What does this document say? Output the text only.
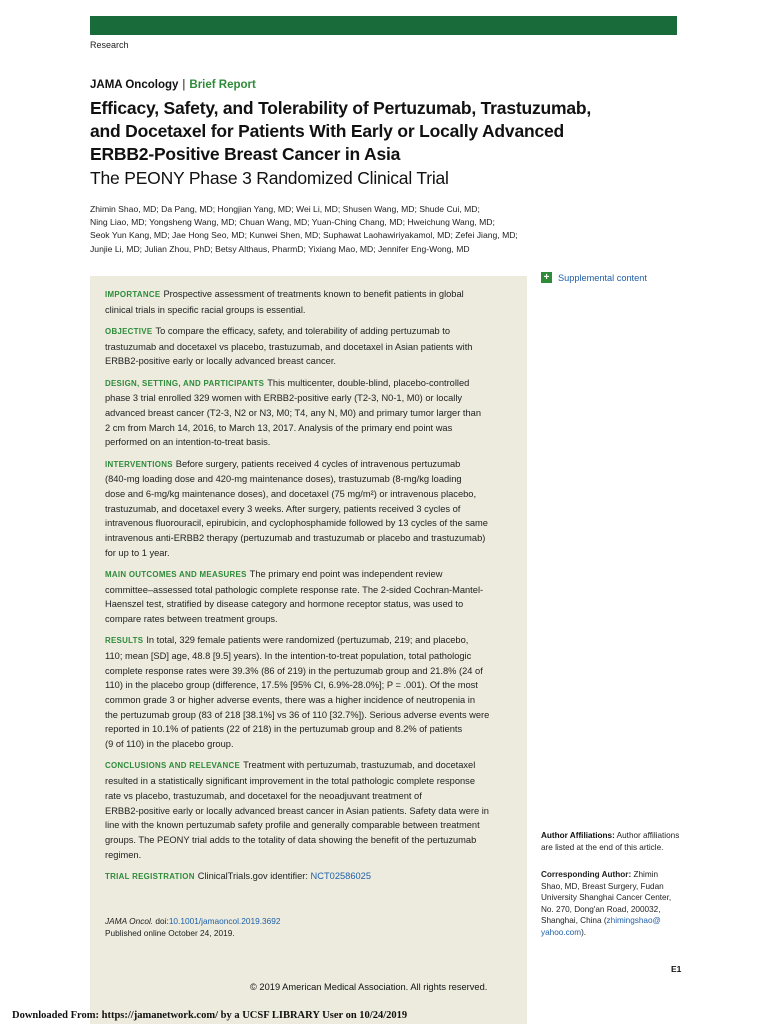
Research
JAMA Oncology | Brief Report
Efficacy, Safety, and Tolerability of Pertuzumab, Trastuzumab,
and Docetaxel for Patients With Early or Locally Advanced
ERBB2-Positive Breast Cancer in Asia
The PEONY Phase 3 Randomized Clinical Trial
Zhimin Shao, MD; Da Pang, MD; Hongjian Yang, MD; Wei Li, MD; Shusen Wang, MD; Shude Cui, MD;
Ning Liao, MD; Yongsheng Wang, MD; Chuan Wang, MD; Yuan-Ching Chang, MD; Hweichung Wang, MD;
Seok Yun Kang, MD; Jae Hong Seo, MD; Kunwei Shen, MD; Suphawat Laohawiriyakamol, MD; Zefei Jiang, MD;
Junjie Li, MD; Julian Zhou, PhD; Betsy Althaus, PharmD; Yixiang Mao, MD; Jennifer Eng-Wong, MD

IMPORTANCE Prospective assessment of treatments known to benefit patients in global
clinical trials in specific racial groups is essential.

OBJECTIVE To compare the efficacy, safety, and tolerability of adding pertuzumab to
trastuzumab and docetaxel vs placebo, trastuzumab, and docetaxel in Asian patients with
ERBB2-positive early or locally advanced breast cancer.

DESIGN, SETTING, AND PARTICIPANTS This multicenter, double-blind, placebo-controlled
phase 3 trial enrolled 329 women with ERBB2-positive early (T2-3, N0-1, M0) or locally
advanced breast cancer (T2-3, N2 or N3, M0; T4, any N, M0) and primary tumor larger than
2 cm from March 14, 2016, to March 13, 2017. Analysis of the primary end point was
performed on an intention-to-treat basis.

INTERVENTIONS Before surgery, patients received 4 cycles of intravenous pertuzumab
(840-mg loading dose and 420-mg maintenance doses), trastuzumab (8-mg/kg loading
dose and 6-mg/kg maintenance doses), and docetaxel (75 mg/m²) or intravenous placebo,
trastuzumab, and docetaxel every 3 weeks. After surgery, patients received 3 cycles of
intravenous fluorouracil, epirubicin, and cyclophosphamide followed by 13 cycles of the same
intravenous anti-ERBB2 therapy (pertuzumab and trastuzumab or placebo and trastuzumab)
for up to 1 year.

MAIN OUTCOMES AND MEASURES The primary end point was independent review
committee–assessed total pathologic complete response rate. The 2-sided Cochran-Mantel-
Haenszel test, stratified by disease category and hormone receptor status, was used to
compare rates between treatment groups.

RESULTS In total, 329 female patients were randomized (pertuzumab, 219; and placebo,
110; mean [SD] age, 48.8 [9.5] years). In the intention-to-treat population, total pathologic
complete response rates were 39.3% (86 of 219) in the pertuzumab group and 21.8% (24 of
110) in the placebo group (difference, 17.5% [95% CI, 6.9%-28.0%]; P = .001). Of the most
common grade 3 or higher adverse events, there was a higher incidence of neutropenia in
the pertuzumab group (83 of 218 [38.1%] vs 36 of 110 [32.7%]). Serious adverse events were
reported in 10.1% of patients (22 of 218) in the pertuzumab group and 8.2% of patients
(9 of 110) in the placebo group.

CONCLUSIONS AND RELEVANCE Treatment with pertuzumab, trastuzumab, and docetaxel
resulted in a statistically significant improvement in the total pathologic complete response
rate vs placebo, trastuzumab, and docetaxel for the neoadjuvant treatment of
ERBB2-positive early or locally advanced breast cancer in Asian patients. Safety data were in
line with the known pertuzumab safety profile and generally comparable between treatment
groups. The PEONY trial adds to the totality of data showing the benefit of the pertuzumab
regimen.

TRIAL REGISTRATION ClinicalTrials.gov identifier: NCT02586025

JAMA Oncol. doi:10.1001/jamaoncol.2019.3692
Published online October 24, 2019.
© 2019 American Medical Association. All rights reserved.
+ Supplemental content
Author Affiliations: Author affiliations are listed at the end of this article.
Corresponding Author: Zhimin
Shao, MD, Breast Surgery, Fudan
University Shanghai Cancer Center,
No. 270, Dong'an Road, 200032,
Shanghai, China (zhimingshao@
yahoo.com).
E1
Downloaded From: https://jamanetwork.com/ by a UCSF LIBRARY User on 10/24/2019
